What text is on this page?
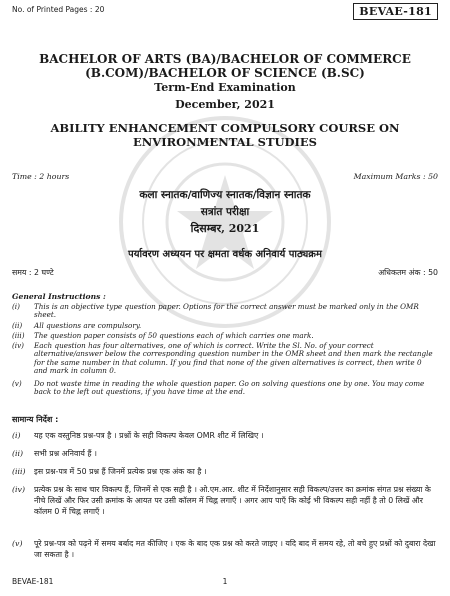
No. of Printed Pages : 20	BEVAE-181
BACHELOR OF ARTS (BA)/BACHELOR OF COMMERCE (B.COM)/BACHELOR OF SCIENCE (B.SC)
Term-End Examination
December, 2021
ABILITY ENHANCEMENT COMPULSORY COURSE ON ENVIRONMENTAL STUDIES
Time : 2 hours	Maximum Marks : 50
कला स्नातक/वाणिज्य स्नातक/विज्ञान स्नातक
सत्रांत परीक्षा
दिसम्बर, 2021
पर्यावरण अध्ययन पर क्षमता वर्धक अनिवार्य पाठ्यक्रम
समय : 2 घण्टे	अधिकतम अंक : 50
General Instructions :
(i)	This is an objective type question paper. Options for the correct answer must be marked only in the OMR sheet.
(ii)	All questions are compulsory.
(iii)	The question paper consists of 50 questions each of which carries one mark.
(iv)	Each question has four alternatives, one of which is correct. Write the Sl. No. of your correct alternative/answer below the corresponding question number in the OMR sheet and then mark the rectangle for the same number in that column. If you find that none of the given alternatives is correct, then write 0 and mark in column 0.
(v)	Do not waste time in reading the whole question paper. Go on solving questions one by one. You may come back to the left out questions, if you have time at the end.
सामान्य निर्देश :
(i)	यह एक वस्तुनिष्ठ प्रश्न-पत्र है । प्रश्नों के सही विकल्प केवल OMR शीट में लिखिए ।
(ii)	सभी प्रश्न अनिवार्य हैं ।
(iii)	इस प्रश्न-पत्र में 50 प्रश्न हैं जिनमें प्रत्येक प्रश्न एक अंक का है ।
(iv)	प्रत्येक प्रश्न के साथ चार विकल्प हैं, जिनमें से एक सही है । ओ.एम.आर. शीट में निर्देशानुसार सही विकल्प/उत्तर का क्रमांक संगत प्रश्न संख्या के नीचे लिखें और फिर उसी क्रमांक के आयत पर उसी कॉलम में चिह्न लगाएँ । अगर आप पाएँ कि कोई भी विकल्प सही नहीं है तो 0 लिखें और कॉलम 0 में चिह्न लगाएँ ।
(v)	पूरे प्रश्न-पत्र को पढ़ने में समय बर्बाद मत कीजिए । एक के बाद एक प्रश्न को करते जाइए । यदि बाद में समय रहे, तो बचे हुए प्रश्नों को दुबारा देखा जा सकता है ।
BEVAE-181	1
